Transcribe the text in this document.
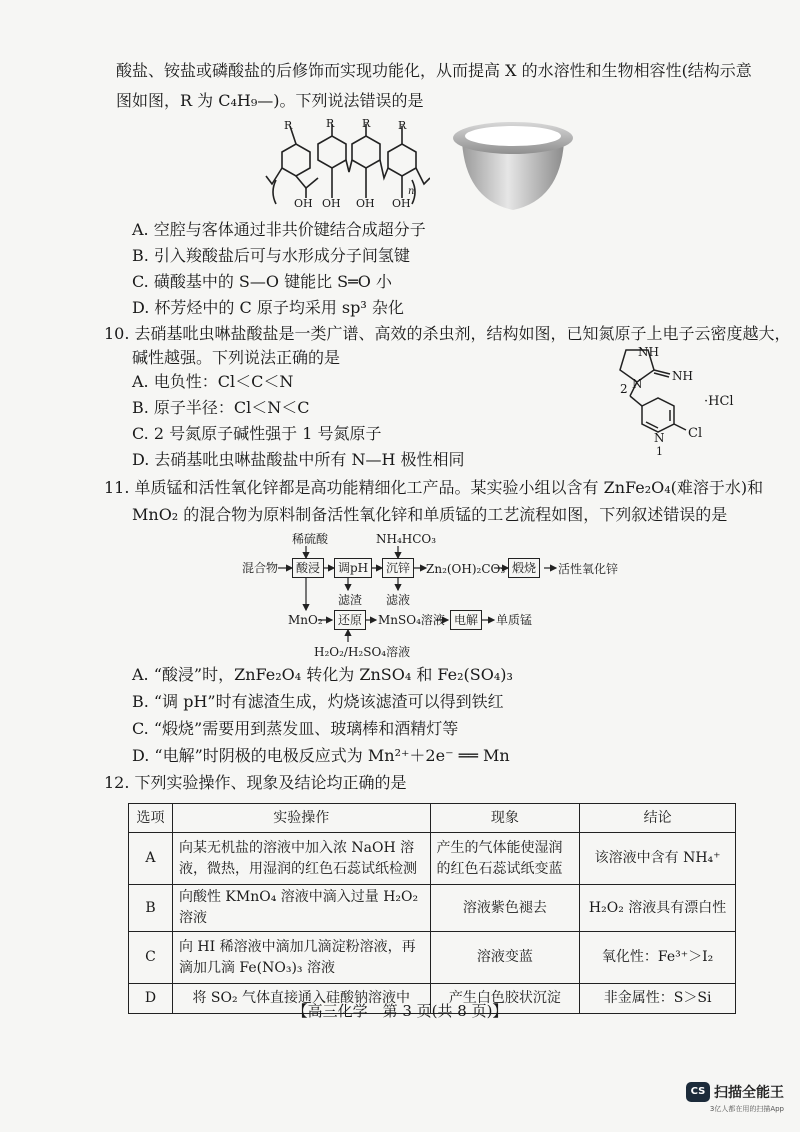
酸盐、铵盐或磷酸盐的后修饰而实现功能化，从而提高 X 的水溶性和生物相容性(结构示意
图如图，R 为 C₄H₉—)。下列说法错误的是
R	R	R	R
OH OH OH OH
n
A. 空腔与客体通过非共价键结合成超分子
B. 引入羧酸盐后可与水形成分子间氢键
C. 磺酸基中的 S—O 键能比 S═O 小
D. 杯芳烃中的 C 原子均采用 sp³ 杂化
10. 去硝基吡虫啉盐酸盐是一类广谱、高效的杀虫剂，结构如图，已知氮原子上电子云密度越大，
碱性越强。下列说法正确的是	NH
NH
N
2
·HCl
Cl
N
1
A. 电负性：Cl＜C＜N
B. 原子半径：Cl＜N＜C
C. 2 号氮原子碱性强于 1 号氮原子
D. 去硝基吡虫啉盐酸盐中所有 N—H 极性相同
11. 单质锰和活性氧化锌都是高功能精细化工产品。某实验小组以含有 ZnFe₂O₄(难溶于水)和
MnO₂ 的混合物为原料制备活性氧化锌和单质锰的工艺流程如图，下列叙述错误的是
稀硫酸	NH₄HCO₃
混合物	酸浸	调pH	沉锌	Zn₂(OH)₂CO₃ 煅烧	活性氧化锌
滤渣 滤液
MnO₂	还原	MnSO₄溶液 电解	单质锰
H₂O₂/H₂SO₄溶液
A. “酸浸”时，ZnFe₂O₄ 转化为 ZnSO₄ 和 Fe₂(SO₄)₃
B. “调 pH”时有滤渣生成，灼烧该滤渣可以得到铁红
C. “煅烧”需要用到蒸发皿、玻璃棒和酒精灯等
D. “电解”时阴极的电极反应式为 Mn²⁺＋2e⁻ ══ Mn
12. 下列实验操作、现象及结论均正确的是
选项	实验操作	现象	结论
A	向某无机盐的溶液中加入浓 NaOH 溶液，微热，用湿润的红色石蕊试纸检测	产生的气体能使湿润的红色石蕊试纸变蓝	该溶液中含有 NH₄⁺
B	向酸性 KMnO₄ 溶液中滴入过量 H₂O₂ 溶液	溶液紫色褪去	H₂O₂ 溶液具有漂白性
C	向 HI 稀溶液中滴加几滴淀粉溶液，再滴加几滴 Fe(NO₃)₃ 溶液	溶液变蓝	氧化性：Fe³⁺＞I₂
D	将 SO₂ 气体直接通入硅酸钠溶液中	产生白色胶状沉淀	非金属性：S＞Si
【高三化学　第 3 页(共 8 页)】
CS 扫描全能王
3亿人都在用的扫描App
